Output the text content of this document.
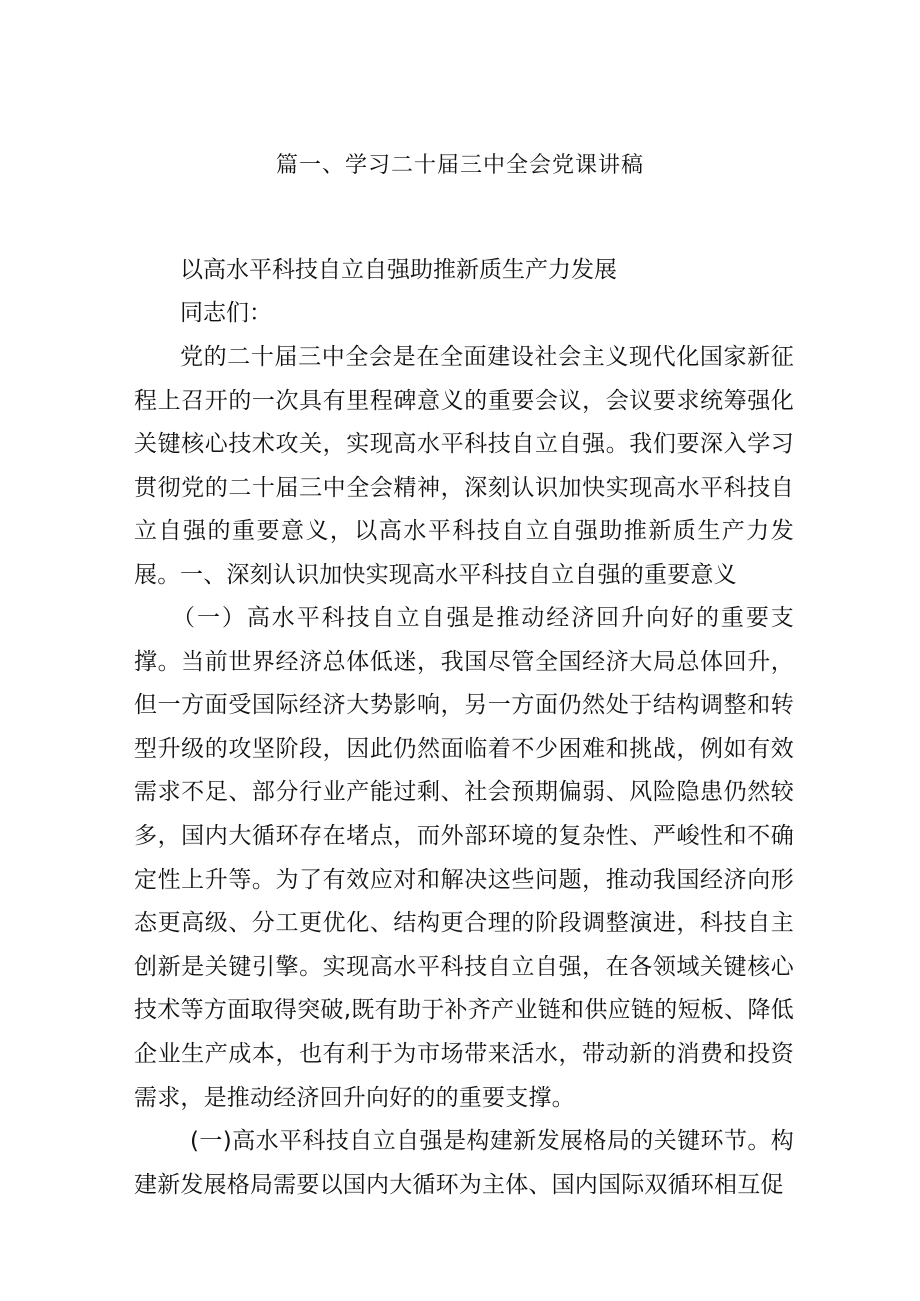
篇一、学习二十届三中全会党课讲稿
以高水平科技自立自强助推新质生产力发展
同志们：

党的二十届三中全会是在全面建设社会主义现代化国家新征程上召开的一次具有里程碑意义的重要会议，会议要求统筹强化关键核心技术攻关，实现高水平科技自立自强。我们要深入学习贯彻党的二十届三中全会精神，深刻认识加快实现高水平科技自立自强的重要意义，以高水平科技自立自强助推新质生产力发展。 一、深刻认识加快实现高水平科技自立自强的重要意义

（一）高水平科技自立自强是推动经济回升向好的重要支撑。当前世界经济总体低迷，我国尽管全国经济大局总体回升，但一方面受国际经济大势影响，另一方面仍然处于结构调整和转型升级的攻坚阶段，因此仍然面临着不少困难和挑战，例如有效需求不足、部分行业产能过剩、社会预期偏弱、风险隐患仍然较多，国内大循环存在堵点，而外部环境的复杂性、严峻性和不确定性上升等。为了有效应对和解决这些问题，推动我国经济向形态更高级、分工更优化、结构更合理的阶段调整演进，科技自主创新是关键引擎。实现高水平科技自立自强，在各领域关键核心技术等方面取得突破,既有助于补齐产业链和供应链的短板、降低企业生产成本，也有利于为市场带来活水，带动新的消费和投资需求，是推动经济回升向好的的重要支撑。

(一)高水平科技自立自强是构建新发展格局的关键环节。构建新发展格局需要以国内大循环为主体、国内国际双循环相互促
